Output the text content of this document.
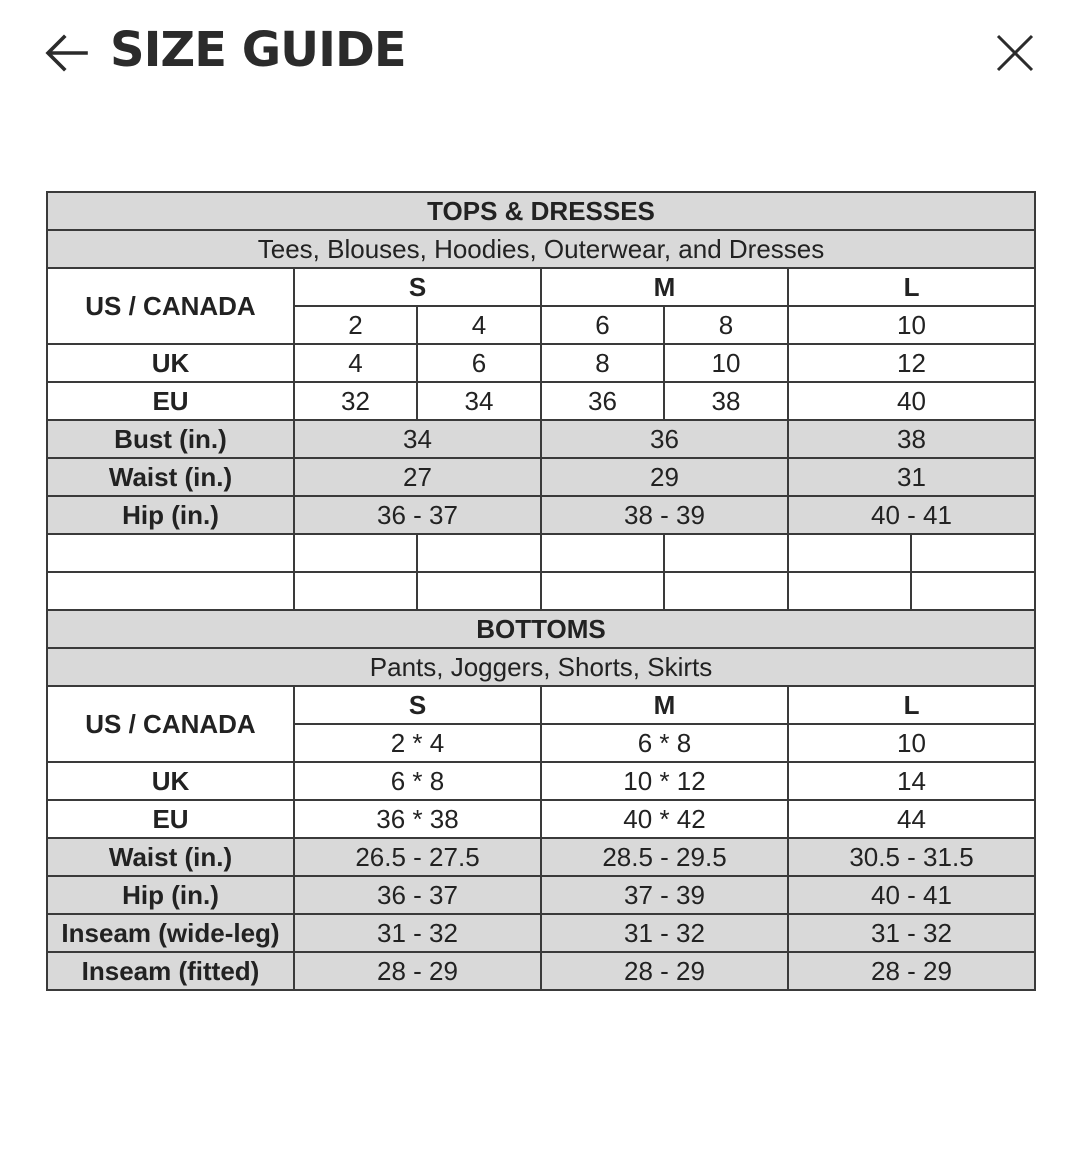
SIZE GUIDE
TOPS & DRESSES						
Tees, Blouses, Hoodies, Outerwear, and Dresses						
US / CANADA	S		M		L	
	2	4	6	8	10	
UK	4	6	8	10	12	
EU	32	34	36	38	40	
Bust (in.)	34		36		38	
Waist (in.)	27		29		31	
Hip (in.)	36 - 37		38 - 39		40 - 41	

BOTTOMS						
Pants, Joggers, Shorts, Skirts						
US / CANADA	S		M		L	
	2 * 4		6 * 8		10	
UK	6 * 8		10 * 12		14	
EU	36 * 38		40 * 42		44	
Waist (in.)	26.5 - 27.5		28.5 - 29.5		30.5 - 31.5	
Hip (in.)	36 - 37		37 - 39		40 - 41	
Inseam (wide-leg)	31 - 32		31 - 32		31 - 32	
Inseam (fitted)	28 - 29		28 - 29		28 - 29	
